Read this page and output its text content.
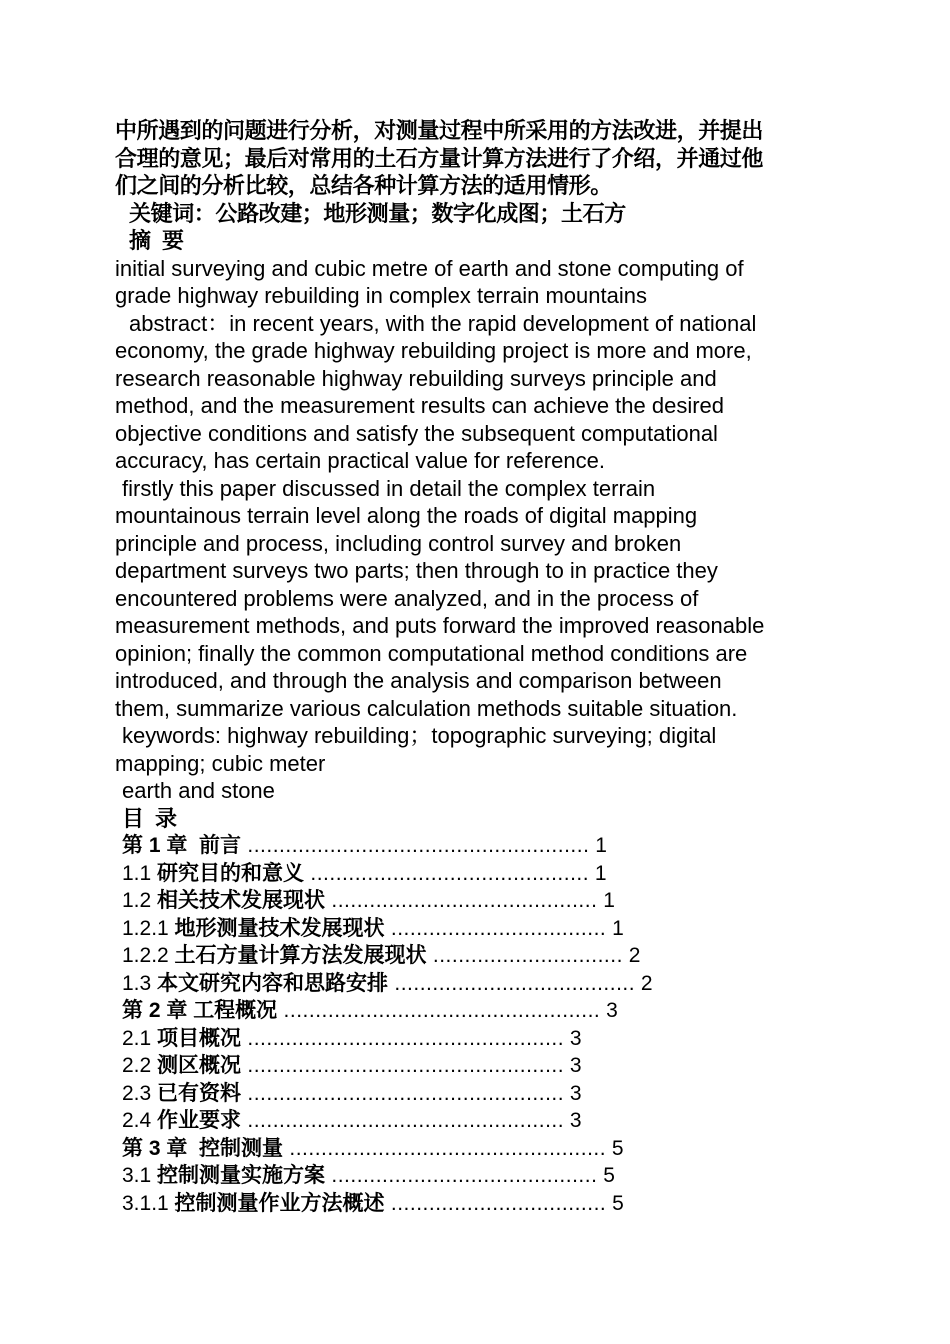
中所遇到的问题进行分析，对测量过程中所采用的方法改进，并提出
合理的意见；最后对常用的土石方量计算方法进行了介绍，并通过他
们之间的分析比较，总结各种计算方法的适用情形。
关键词：公路改建；地形测量；数字化成图；土石方
摘  要
initial surveying and cubic metre of earth and stone computing of
grade highway rebuilding in complex terrain mountains
abstract：in recent years, with the rapid development of national
economy, the grade highway rebuilding project is more and more,
research reasonable highway rebuilding surveys principle and
method, and the measurement results can achieve the desired
objective conditions and satisfy the subsequent computational
accuracy, has certain practical value for reference.
firstly this paper discussed in detail the complex terrain
mountainous terrain level along the roads of digital mapping
principle and process, including control survey and broken
department surveys two parts; then through to in practice they
encountered problems were analyzed, and in the process of
measurement methods, and puts forward the improved reasonable
opinion; finally the common computational method conditions are
introduced, and through the analysis and comparison between
them, summarize various calculation methods suitable situation.
keywords: highway rebuilding；topographic surveying; digital
mapping; cubic meter
earth and stone
目  录
第 1 章  前言 ...................................................... 1
1.1 研究目的和意义 ............................................ 1
1.2 相关技术发展现状 .......................................... 1
1.2.1 地形测量技术发展现状 .................................. 1
1.2.2 土石方量计算方法发展现状 .............................. 2
1.3 本文研究内容和思路安排 ...................................... 2
第 2 章 工程概况 .................................................. 3
2.1 项目概况 .................................................. 3
2.2 测区概况 .................................................. 3
2.3 已有资料 .................................................. 3
2.4 作业要求 .................................................. 3
第 3 章  控制测量 .................................................. 5
3.1 控制测量实施方案 .......................................... 5
3.1.1 控制测量作业方法概述 .................................. 5
